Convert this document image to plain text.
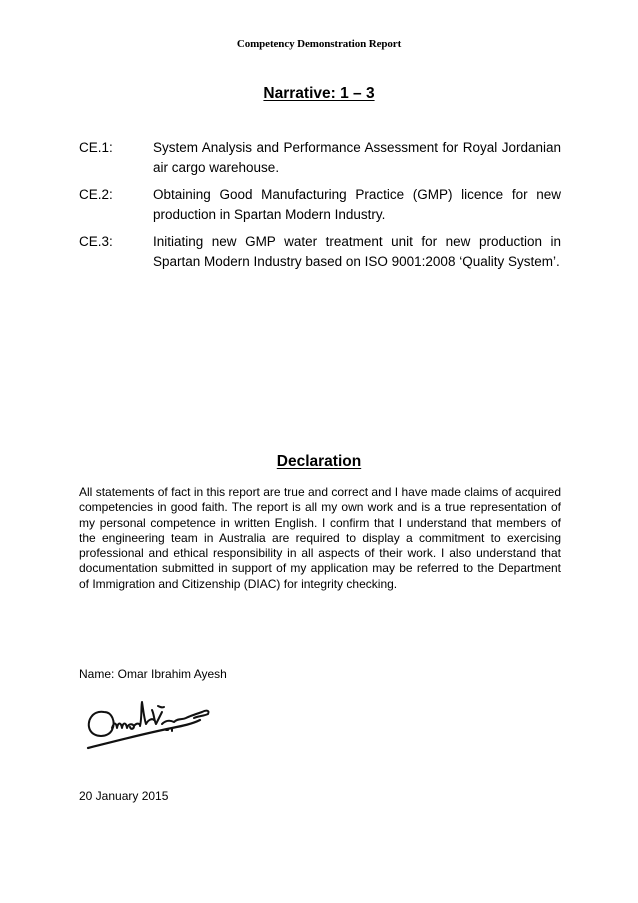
Competency Demonstration Report
Narrative: 1 – 3
CE.1:	System Analysis and Performance Assessment for Royal Jordanian air cargo warehouse.
CE.2:	Obtaining Good Manufacturing Practice (GMP) licence for new production in Spartan Modern Industry.
CE.3:	Initiating new GMP water treatment unit for new production in Spartan Modern Industry based on ISO 9001:2008 ‘Quality System’.
Declaration
All statements of fact in this report are true and correct and I have made claims of acquired competencies in good faith. The report is all my own work and is a true representation of my personal competence in written English. I confirm that I understand that members of the engineering team in Australia are required to display a commitment to exercising professional and ethical responsibility in all aspects of their work. I also understand that documentation submitted in support of my application may be referred to the Department of Immigration and Citizenship (DIAC) for integrity checking.
Name: Omar Ibrahim Ayesh
20 January 2015
